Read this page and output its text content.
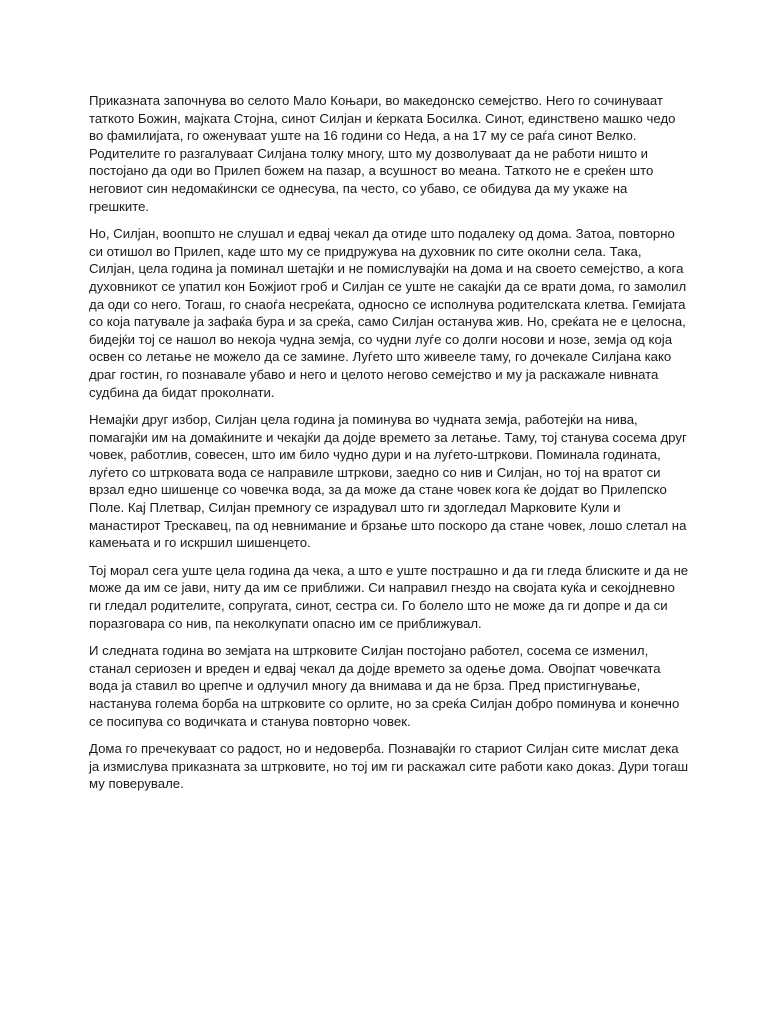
Приказната започнува во селото Мало Коњари, во македонско семејство. Него го сочинуваат таткото Божин, мајката Стојна, синот Силјан и ќерката Босилка. Синот, единствено машко чедо во фамилијата, го оженуваат уште на 16 години со Неда, а на 17 му се раѓа синот Велко. Родителите го разгалуваат Силјана толку многу, што му дозволуваат да не работи ништо и постојано да оди во Прилеп божем на пазар, а всушност во меана. Таткото не е среќен што неговиот син недомаќински се однесува, па често, со убаво, се обидува да му укаже на грешките.

Но, Силјан, воопшто не слушал и едвај чекал да отиде што подалеку од дома. Затоа, повторно си отишол во Прилеп, каде што му се придружува на духовник по сите околни села. Така, Силјан, цела година ја поминал шетајќи и не помислувајќи на дома и на своето семејство, а кога духовникот се упатил кон Божјиот гроб и Силјан се уште не сакајќи да се врати дома, го замолил да оди со него. Тогаш, го снаоѓа несреќата, односно се исполнува родителската клетва. Гемијата со која патувале ја зафаќа бура и за среќа, само Силјан останува жив. Но, среќата не е целосна, бидејќи тој се нашол во некоја чудна земја, со чудни луѓе со долги носови и нозе, земја од која освен со летање не можело да се замине. Луѓето што живееле таму, го дочекале Силјана како драг гостин, го познавале убаво и него и целото негово семејство и му ја раскажале нивната судбина да бидат проколнати.

Немајќи друг избор, Силјан цела година ја поминува во чудната земја, работејќи на нива, помагајќи им на домаќините и чекајќи да дојде времето за летање. Таму, тој станува сосема друг човек, работлив, совесен, што им било чудно дури и на луѓето-штркови. Поминала годината, луѓето со штрковата вода се направиле штркови, заедно со нив и Силјан, но тој на вратот си врзал едно шишенце со човечка вода, за да може да стане човек кога ќе дојдат во Прилепско Поле. Кај Плетвар, Силјан премногу се израдувал што ги здогледал Марковите Кули и манастирот Трескавец, па од невнимание и брзање што поскоро да стане човек, лошо слетал на камењата и го искршил шишенцето.

Тој морал сега уште цела година да чека, а што е уште пострашно и да ги гледа блиските и да не може да им се јави, ниту да им се приближи. Си направил гнездо на својата куќа и секојдневно ги гледал родителите, сопругата, синот, сестра си. Го болело што не може да ги допре и да си поразговара со нив, па неколкупати опасно им се приближувал.

И следната година во земјата на штрковите Силјан постојано работел, сосема се изменил, станал сериозен и вреден и едвај чекал да дојде времето за одење дома. Овојпат човечката вода ја ставил во црепче и одлучил многу да внимава и да не брза. Пред пристигнување, настанува голема борба на штрковите со орлите, но за среќа Силјан добро поминува и конечно се посипува со водичката и станува повторно човек.

Дома го пречекуваат со радост, но и недоверба. Познавајќи го стариот Силјан сите мислат дека ја измислува приказната за штрковите, но тој им ги раскажал сите работи како доказ. Дури тогаш му поверувале.
